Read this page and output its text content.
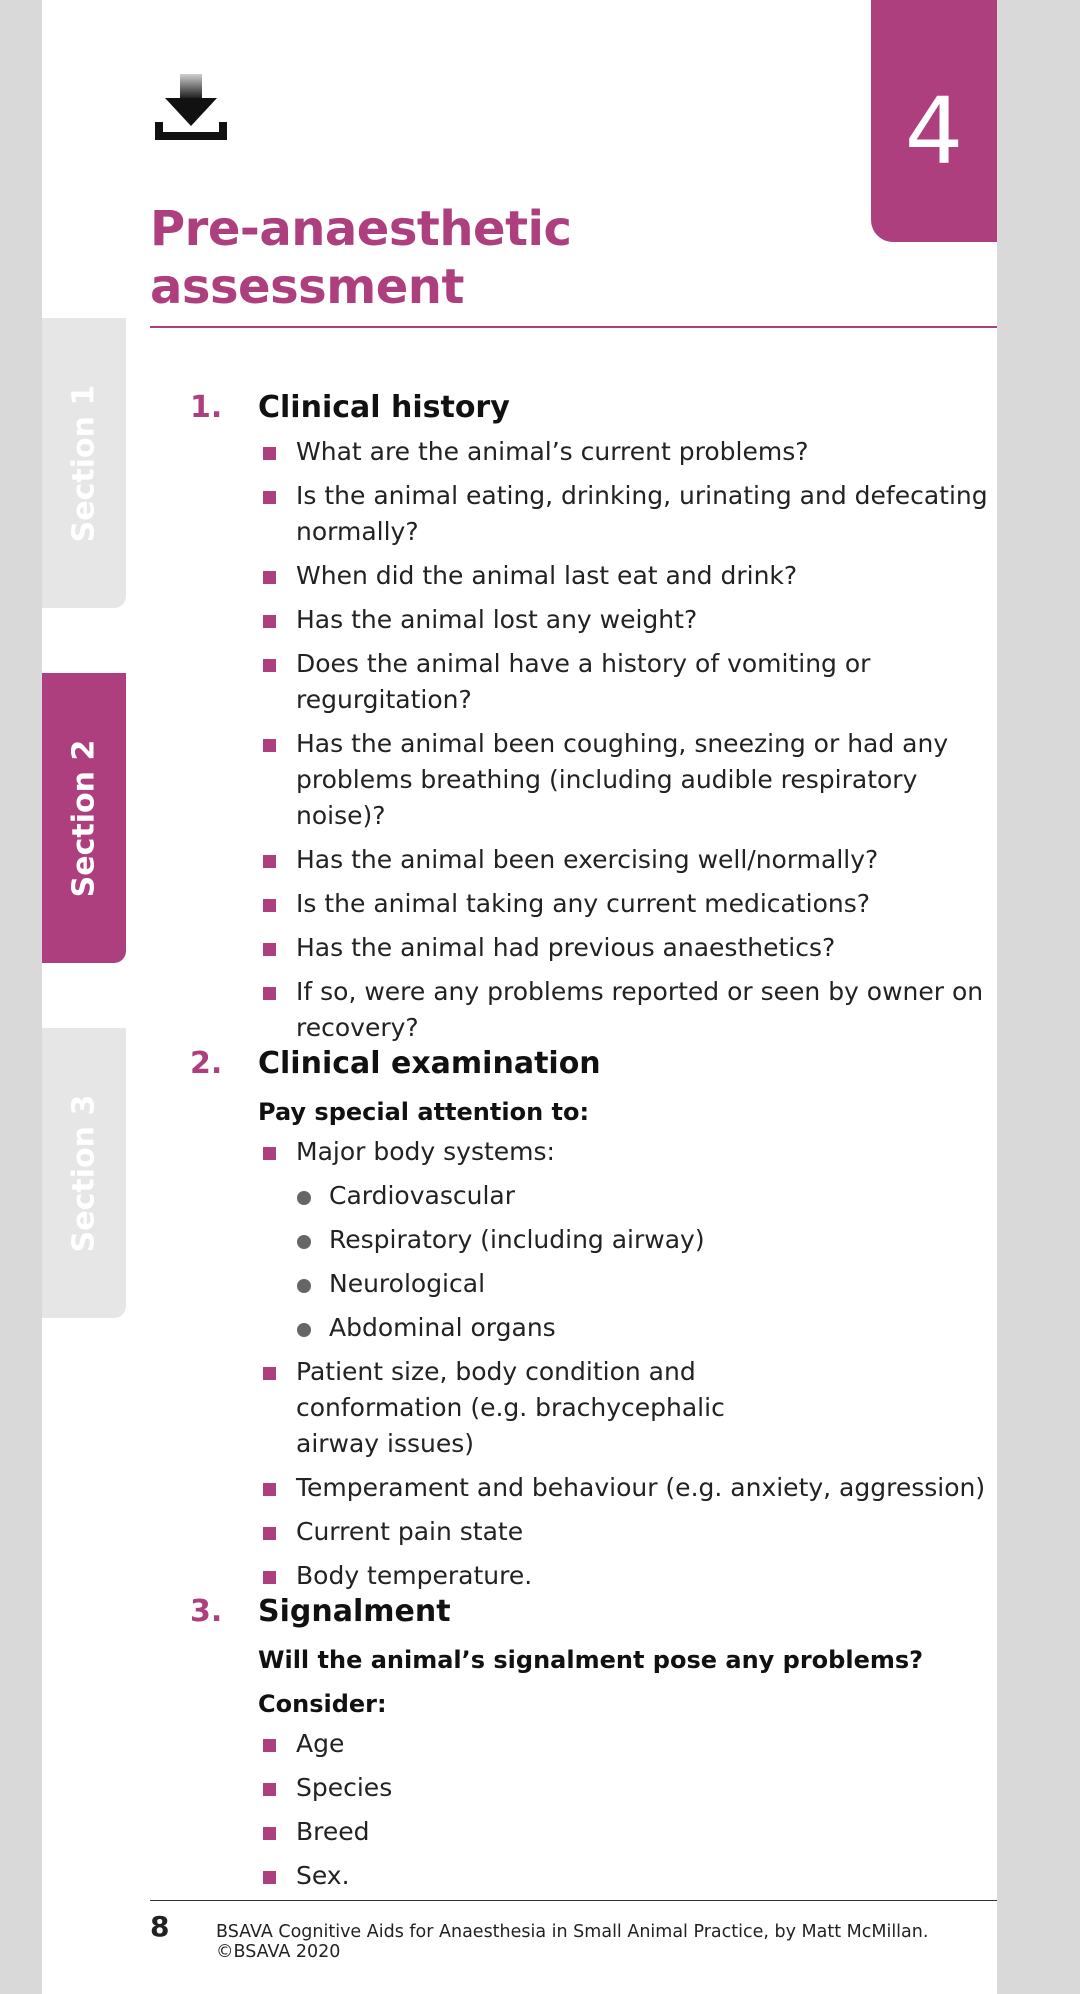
Section 1
Section 2
Section 3
4
Pre-anaesthetic
assessment
1. Clinical history
What are the animal’s current problems?
Is the animal eating, drinking, urinating and defecating normally?
When did the animal last eat and drink?
Has the animal lost any weight?
Does the animal have a history of vomiting or regurgitation?
Has the animal been coughing, sneezing or had any problems breathing (including audible respiratory noise)?
Has the animal been exercising well/normally?
Is the animal taking any current medications?
Has the animal had previous anaesthetics?
If so, were any problems reported or seen by owner on recovery?
2. Clinical examination

Pay special attention to:

Major body systems:
Cardiovascular
Respiratory (including airway)
Neurological
Abdominal organs
Patient size, body condition and conformation (e.g. brachycephalic airway issues)
Temperament and behaviour (e.g. anxiety, aggression)
Current pain state
Body temperature.
3. Signalment

Will the animal’s signalment pose any problems? Consider:

Age
Species
Breed
Sex.
8	BSAVA Cognitive Aids for Anaesthesia in Small Animal Practice, by Matt McMillan. ©BSAVA 2020
